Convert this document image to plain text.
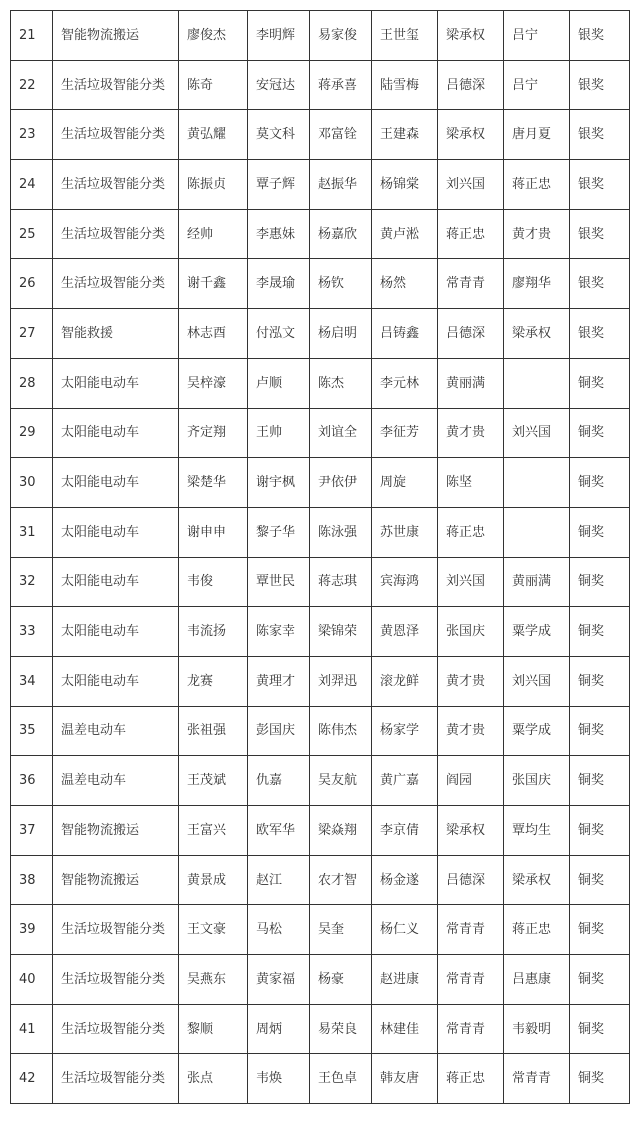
21	智能物流搬运	廖俊杰	李明辉	易家俊	王世玺	梁承权	吕宁	银奖
22	生活垃圾智能分类	陈奇	安冠达	蒋承喜	陆雪梅	吕德深	吕宁	银奖
23	生活垃圾智能分类	黄弘耀	莫文科	邓富铨	王建森	梁承权	唐月夏	银奖
24	生活垃圾智能分类	陈振贞	覃子辉	赵振华	杨锦棠	刘兴国	蒋正忠	银奖
25	生活垃圾智能分类	经帅	李惠妹	杨嘉欣	黄卢淞	蒋正忠	黄才贵	银奖
26	生活垃圾智能分类	谢千鑫	李晟瑜	杨钦	杨然	常青青	廖翔华	银奖
27	智能救援	林志酉	付泓文	杨启明	吕铸鑫	吕德深	梁承权	银奖
28	太阳能电动车	吴梓濠	卢顺	陈杰	李元林	黄丽满		铜奖
29	太阳能电动车	齐定翔	王帅	刘谊全	李征芳	黄才贵	刘兴国	铜奖
30	太阳能电动车	梁楚华	谢宇枫	尹依伊	周旋	陈坚		铜奖
31	太阳能电动车	谢申申	黎子华	陈泳强	苏世康	蒋正忠		铜奖
32	太阳能电动车	韦俊	覃世民	蒋志琪	宾海鸿	刘兴国	黄丽满	铜奖
33	太阳能电动车	韦流扬	陈家幸	梁锦荣	黄恩泽	张国庆	粟学成	铜奖
34	太阳能电动车	龙赛	黄理才	刘羿迅	滚龙鲜	黄才贵	刘兴国	铜奖
35	温差电动车	张祖强	彭国庆	陈伟杰	杨家学	黄才贵	粟学成	铜奖
36	温差电动车	王茂斌	仇嘉	吴友航	黄广嘉	阎园	张国庆	铜奖
37	智能物流搬运	王富兴	欧军华	梁焱翔	李京倩	梁承权	覃均生	铜奖
38	智能物流搬运	黄景成	赵江	农才智	杨金遂	吕德深	梁承权	铜奖
39	生活垃圾智能分类	王文豪	马松	吴奎	杨仁义	常青青	蒋正忠	铜奖
40	生活垃圾智能分类	吴燕东	黄家福	杨豪	赵进康	常青青	吕惠康	铜奖
41	生活垃圾智能分类	黎顺	周炳	易荣良	林建佳	常青青	韦毅明	铜奖
42	生活垃圾智能分类	张点	韦焕	王色卓	韩友唐	蒋正忠	常青青	铜奖
